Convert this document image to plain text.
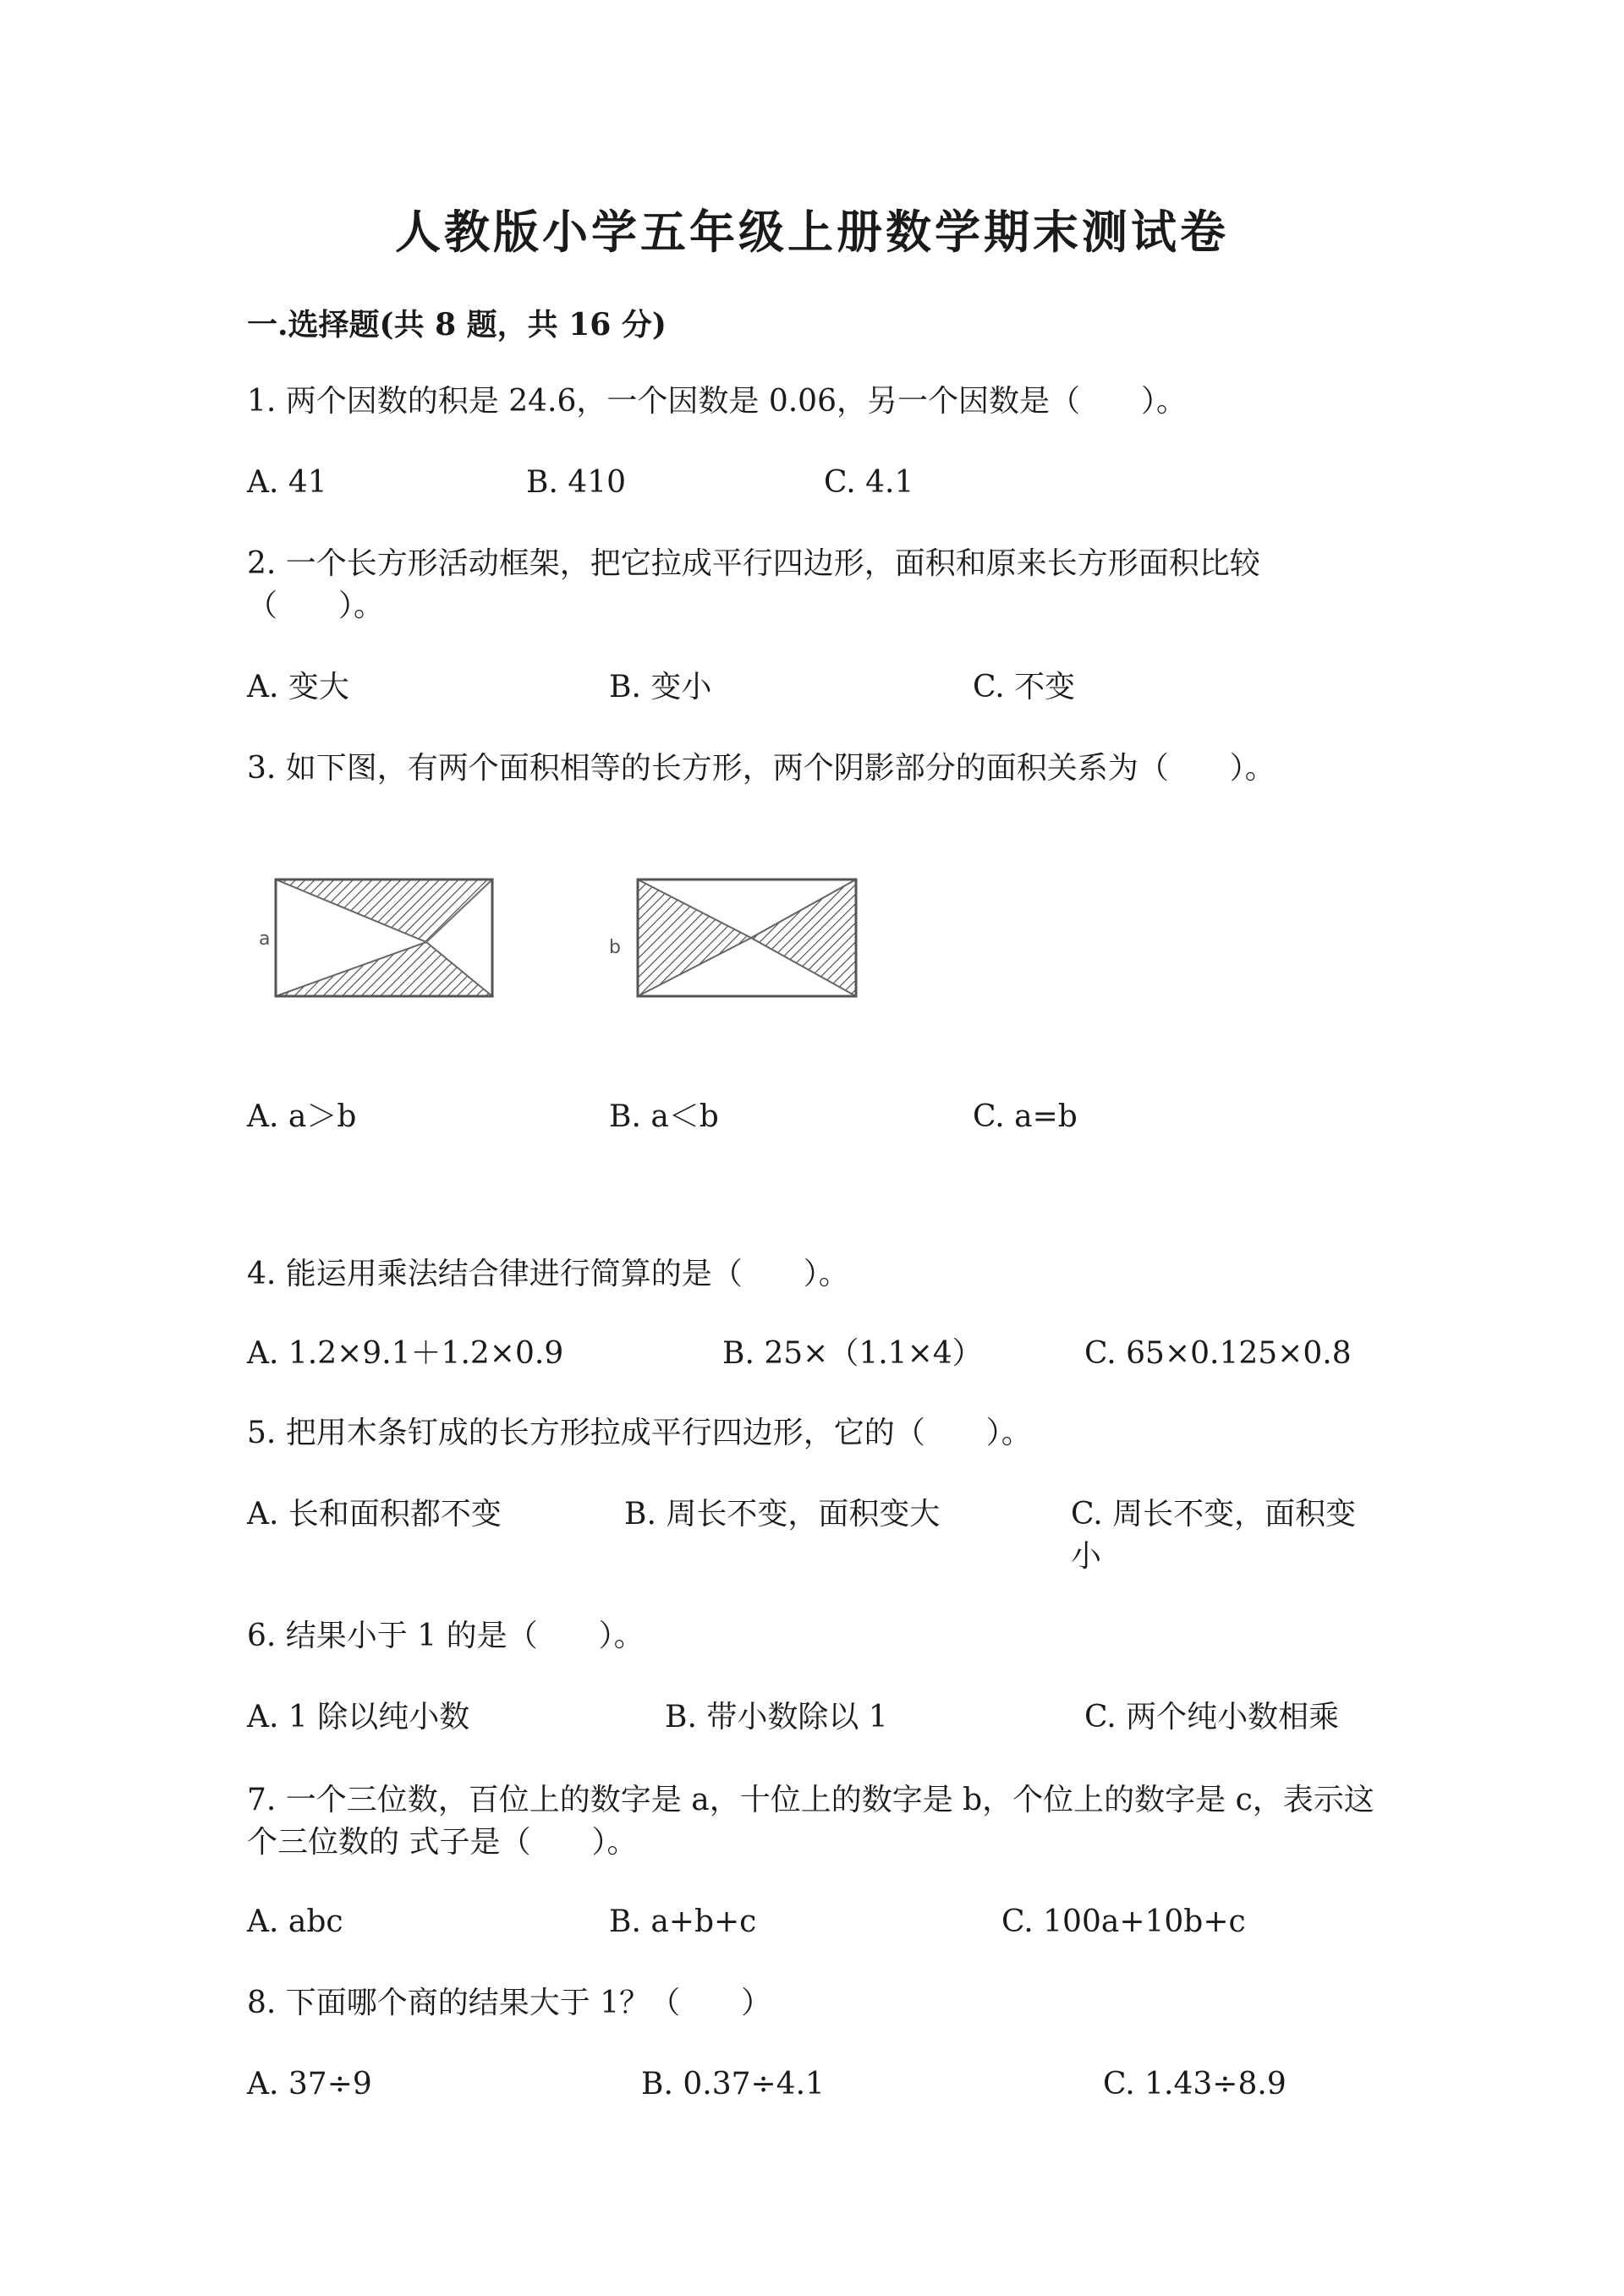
人教版小学五年级上册数学期末测试卷
一.选择题(共 8 题，共 16 分)

1. 两个因数的积是 24.6，一个因数是 0.06，另一个因数是（　　）。

A. 41	B. 410	C. 4.1

2. 一个长方形活动框架，把它拉成平行四边形，面积和原来长方形面积比较（　　）。

A. 变大	B. 变小	C. 不变

3. 如下图，有两个面积相等的长方形，两个阴影部分的面积关系为（　　）。

a	b
A. a＞b	B. a＜b	C. a=b

4. 能运用乘法结合律进行简算的是（　　）。

A. 1.2×9.1＋1.2×0.9	B. 25×（1.1×4）	C. 65×0.125×0.8

5. 把用木条钉成的长方形拉成平行四边形，它的（　　）。

A. 长和面积都不变	B. 周长不变，面积变大	C. 周长不变，面积变小

6. 结果小于 1 的是（　　）。

A. 1 除以纯小数	B. 带小数除以 1	C. 两个纯小数相乘

7. 一个三位数，百位上的数字是 a，十位上的数字是 b，个位上的数字是 c，表示这个三位数的 式子是（　　）。

A. abc	B. a+b+c	C. 100a+10b+c

8. 下面哪个商的结果大于 1？（　　）

A. 37÷9	B. 0.37÷4.1	C. 1.43÷8.9
